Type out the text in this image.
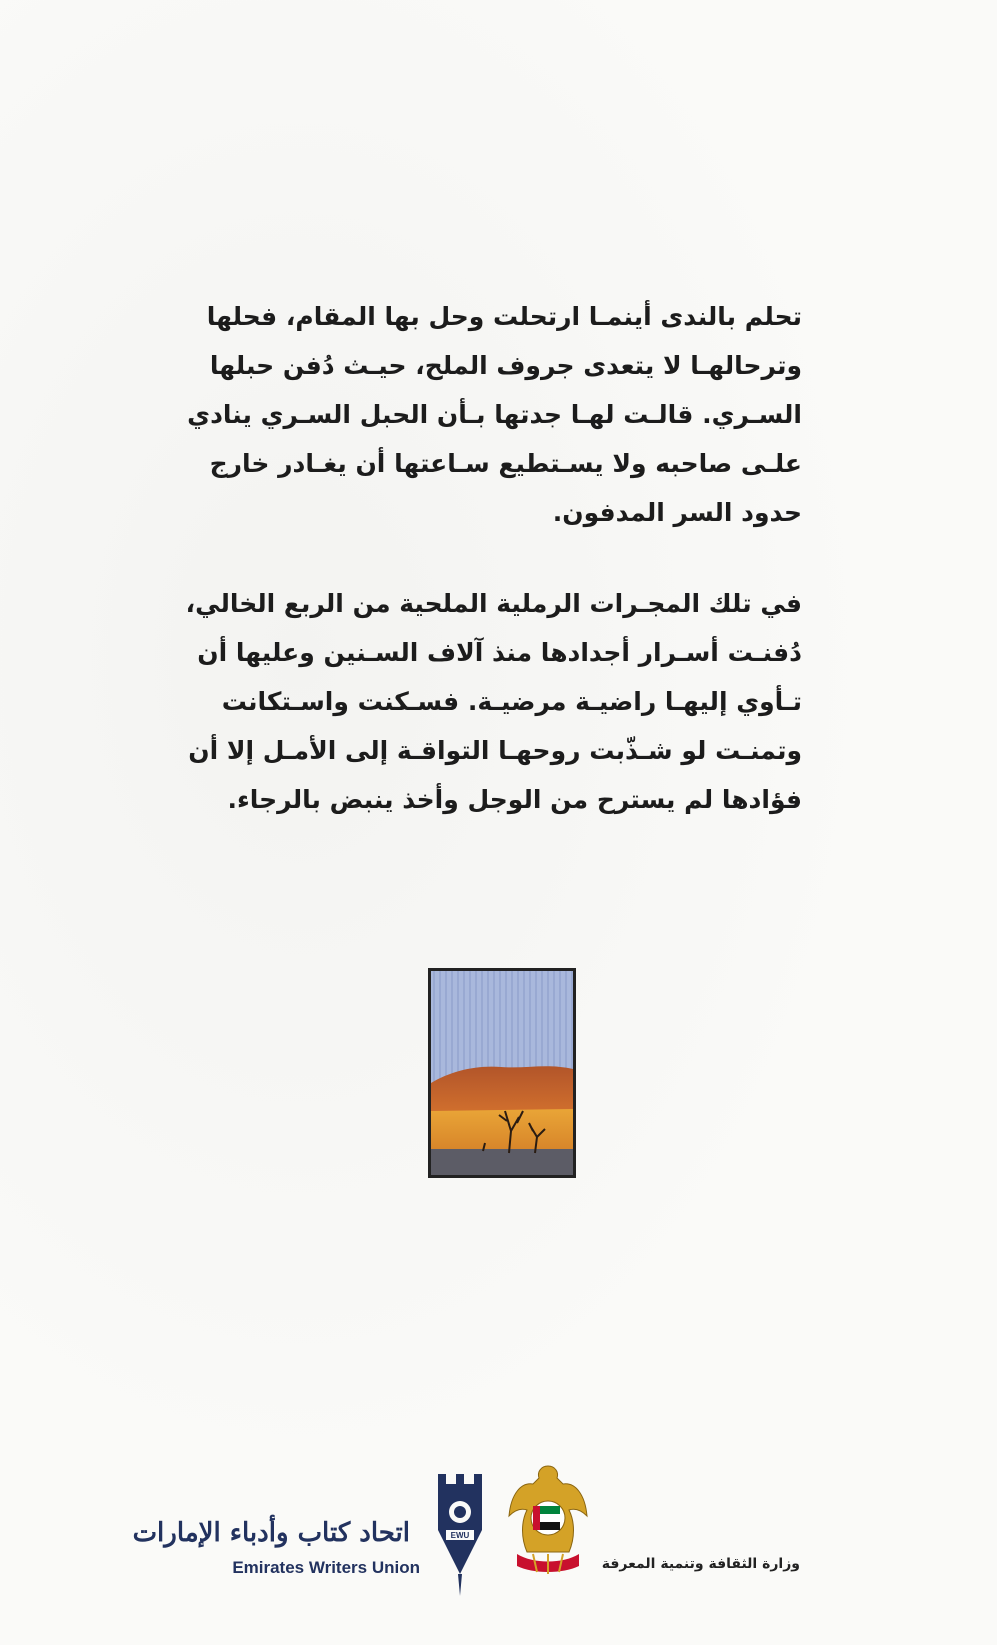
تحلم بالندى أينمـا ارتحلت وحل بها المقام، فحلها
وترحالهـا لا يتعدى جروف الملح، حيـث دُفن حبلها
السـري. قالـت لهـا جدتها بـأن الحبل السـري ينادي
علـى صاحبه ولا يسـتطيع سـاعتها أن يغـادر خارج
حدود السر المدفون.
في تلك المجـرات الرملية الملحية من الربع الخالي،
دُفنـت أسـرار أجدادها منذ آلاف السـنين وعليها أن
تـأوي إليهـا راضيـة مرضيـة. فسـكنت واسـتكانت
وتمنـت لو شـذّبت روحهـا التواقـة إلى الأمـل إلا أن
فؤادها لم يسترح من الوجل وأخذ ينبض بالرجاء.
اتحاد كتاب وأدباء الإمارات
Emirates Writers Union
EWU
وزارة الثقافة وتنمية المعرفة
